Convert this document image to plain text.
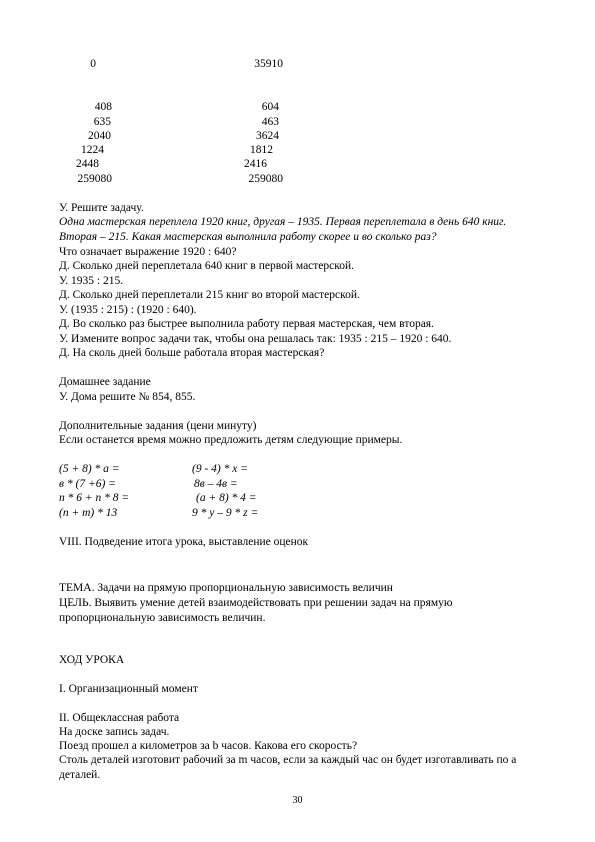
0	35910
408
635
2040
1224
2448
259080
604
463
3624
1812
2416
259080
У. Решите задачу.
Одна мастерская переплела 1920 книг, другая – 1935. Первая переплетала в день 640 книг.
Вторая – 215. Какая мастерская выполнила работу скорее и во сколько раз?
Что означает выражение 1920 : 640?
Д. Сколько дней переплетала 640 книг в первой мастерской.
У. 1935 : 215.
Д. Сколько дней переплетали 215 книг во второй мастерской.
У. (1935 : 215) : (1920 : 640).
Д. Во сколько раз быстрее выполнила работу первая мастерская, чем вторая.
У. Измените вопрос задачи так, чтобы она решалась так: 1935 : 215 – 1920 : 640.
Д. На сколь дней больше работала вторая мастерская?
Домашнее задание
У. Дома решите № 854, 855.
Дополнительные задания (цени минуту)
Если останется время можно предложить детям следующие примеры.
(5 + 8) * а =
в * (7 +6) =
п * 6 + п * 8 =
(п + т) * 13
(9 - 4) * х =
8в – 4в =
(а + 8) * 4 =
9 * у – 9 * z =
VIII. Подведение итога урока, выставление оценок
ТЕМА. Задачи на прямую пропорциональную зависимость величин
ЦЕЛЬ. Выявить умение детей взаимодействовать при решении задач на прямую пропорциональную зависимость величин.
ХОД УРОКА
I. Организационный момент
II. Общеклассная работа
На доске запись задач.
Поезд прошел а километров за b часов. Какова его скорость?
Столь деталей изготовит рабочий за m часов, если за каждый час он будет изготавливать по a деталей.
30
